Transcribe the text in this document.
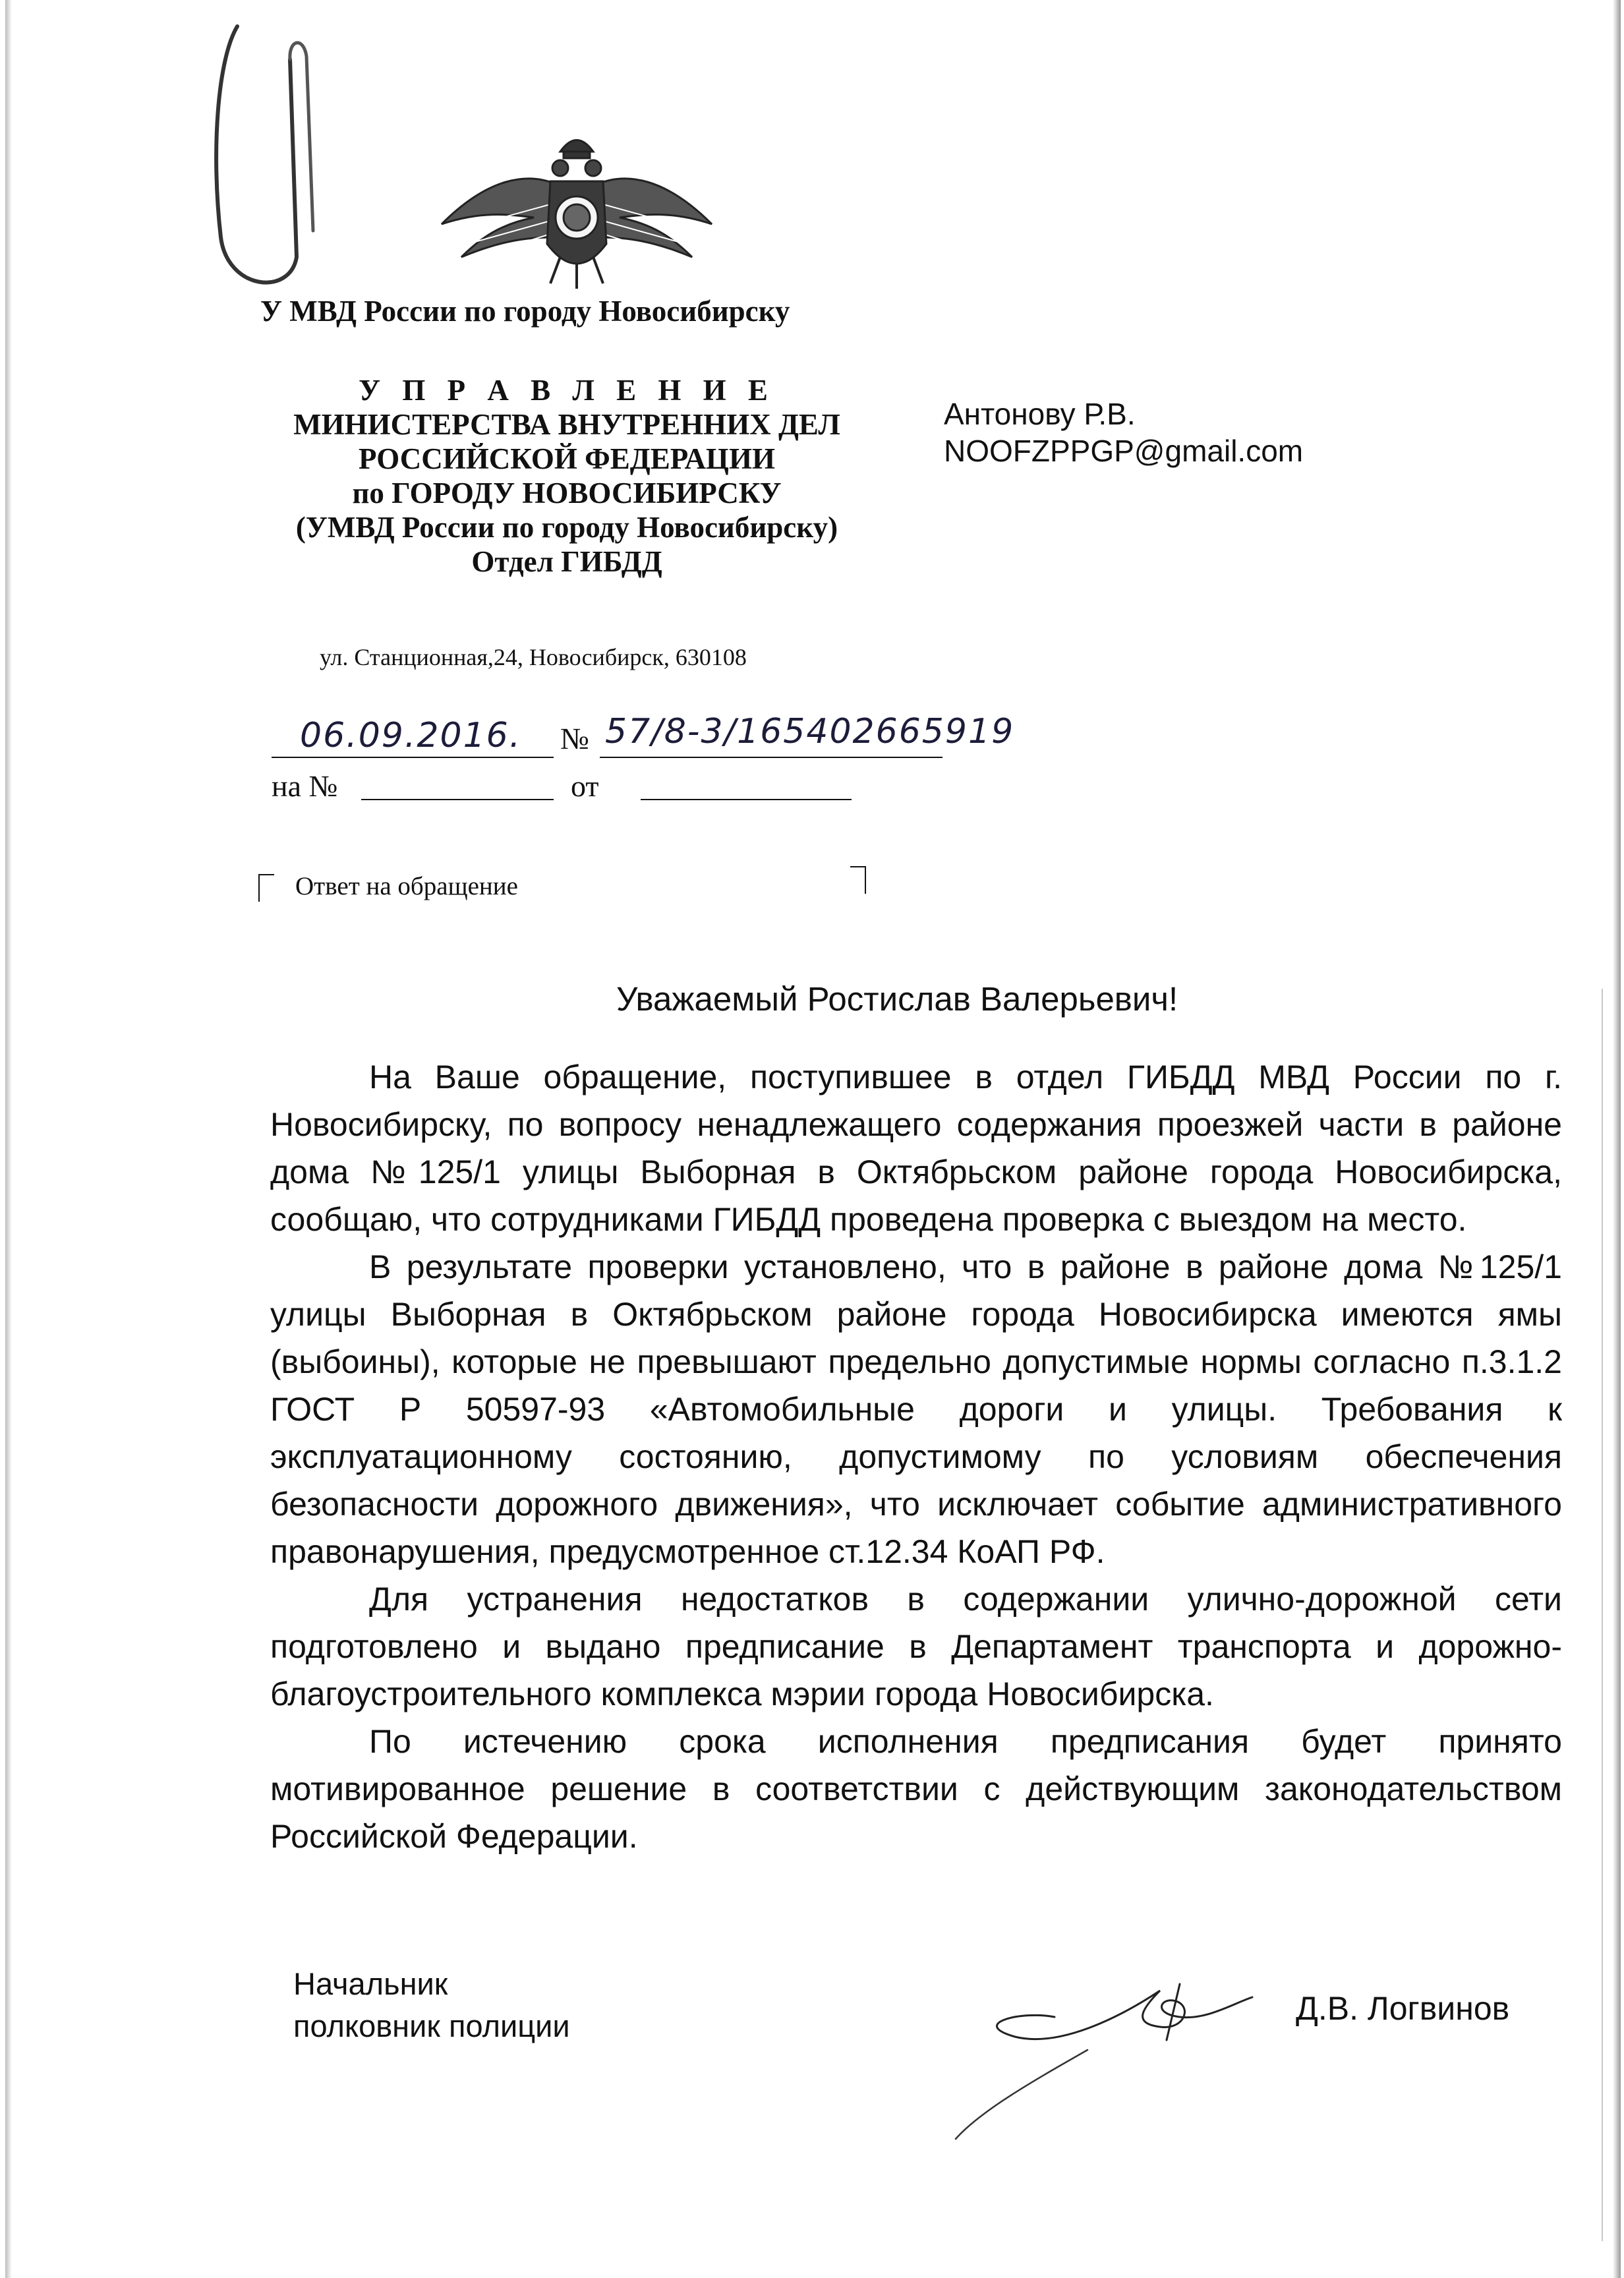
У МВД России по городу Новосибирску
У П Р А В Л Е Н И Е
МИНИСТЕРСТВА ВНУТРЕННИХ ДЕЛ
РОССИЙСКОЙ ФЕДЕРАЦИИ
по ГОРОДУ НОВОСИБИРСКУ
(УМВД России по городу Новосибирску)
Отдел ГИБДД
ул. Станционная,24, Новосибирск, 630108
Антонову Р.В.
NOOFZPPGP@gmail.com
06.09.2016. № 57/8-3/165402665919
на №	от
Ответ на обращение
Уважаемый Ростислав Валерьевич!

На Ваше обращение, поступившее в отдел ГИБДД МВД России по г. Новосибирску, по вопросу ненадлежащего содержания проезжей части в районе дома №125/1 улицы Выборная в Октябрьском районе города Новосибирска, сообщаю, что сотрудниками ГИБДД проведена проверка с выездом на место.

В результате проверки установлено, что в районе в районе дома №125/1 улицы Выборная в Октябрьском районе города Новосибирска имеются ямы (выбоины), которые не превышают предельно допустимые нормы согласно п.3.1.2 ГОСТ Р 50597-93 «Автомобильные дороги и улицы. Требования к эксплуатационному состоянию, допустимому по условиям обеспечения безопасности дорожного движения», что исключает событие административного правонарушения, предусмотренное ст.12.34 КоАП РФ.

Для устранения недостатков в содержании улично-дорожной сети подготовлено и выдано предписание в Департамент транспорта и дорожно-благоустроительного комплекса мэрии города Новосибирска.

По истечению срока исполнения предписания будет принято мотивированное решение в соответствии с действующим законодательством Российской Федерации.

Начальник
полковник полиции	Д.В. Логвинов
